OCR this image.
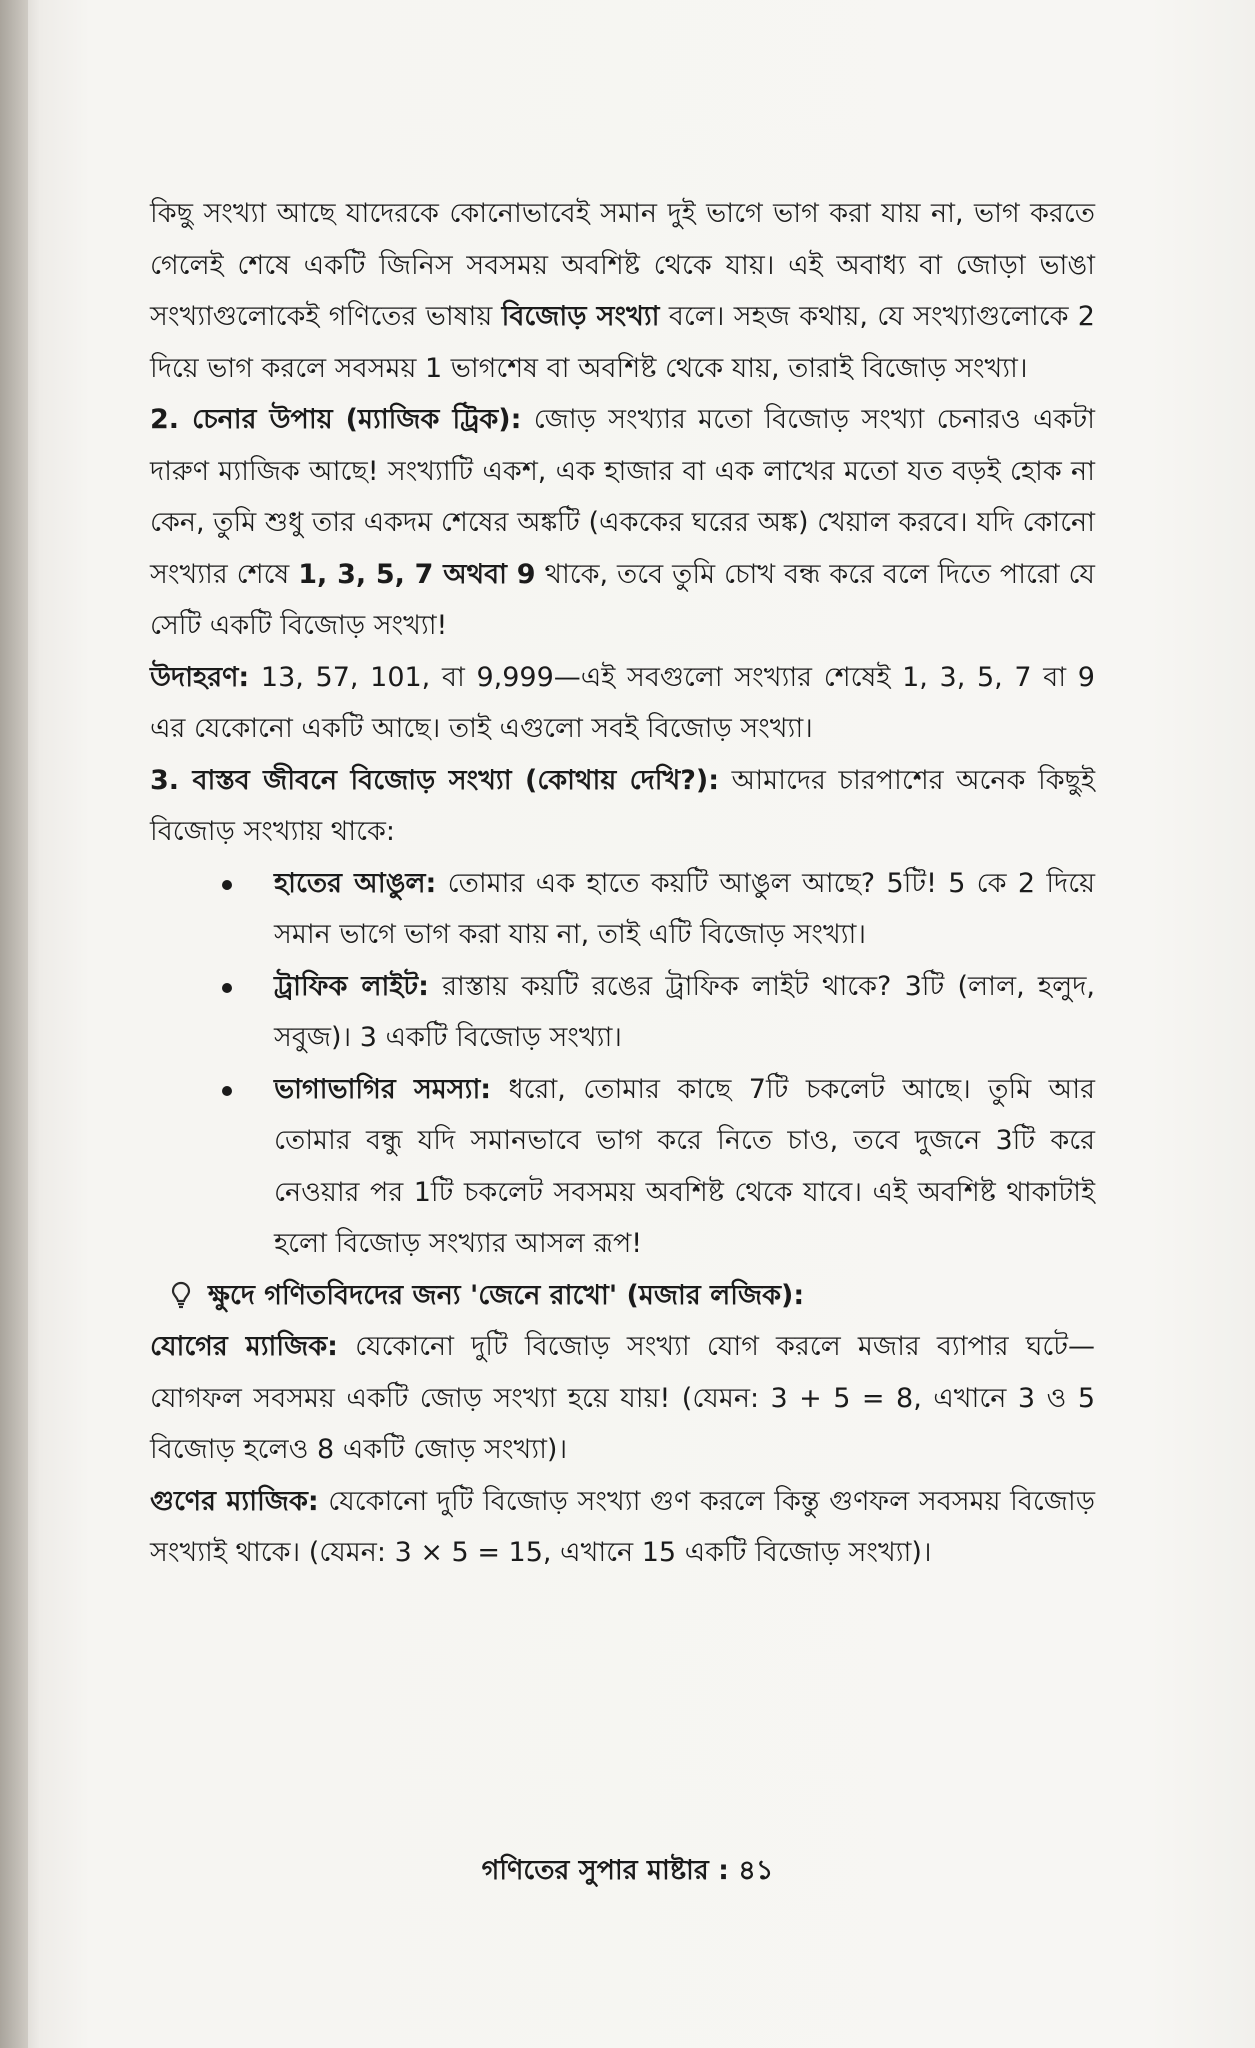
কিছু সংখ্যা আছে যাদেরকে কোনোভাবেই সমান দুই ভাগে ভাগ করা যায় না, ভাগ করতে গেলেই শেষে একটি জিনিস সবসময় অবশিষ্ট থেকে যায়। এই অবাধ্য বা জোড়া ভাঙা সংখ্যাগুলোকেই গণিতের ভাষায় বিজোড় সংখ্যা বলে। সহজ কথায়, যে সংখ্যাগুলোকে 2 দিয়ে ভাগ করলে সবসময় 1 ভাগশেষ বা অবশিষ্ট থেকে যায়, তারাই বিজোড় সংখ্যা।

2. চেনার উপায় (ম্যাজিক ট্রিক): জোড় সংখ্যার মতো বিজোড় সংখ্যা চেনারও একটা দারুণ ম্যাজিক আছে! সংখ্যাটি একশ, এক হাজার বা এক লাখের মতো যত বড়ই হোক না কেন, তুমি শুধু তার একদম শেষের অঙ্কটি (এককের ঘরের অঙ্ক) খেয়াল করবে। যদি কোনো সংখ্যার শেষে 1, 3, 5, 7 অথবা 9 থাকে, তবে তুমি চোখ বন্ধ করে বলে দিতে পারো যে সেটি একটি বিজোড় সংখ্যা!

উদাহরণ: 13, 57, 101, বা 9,999—এই সবগুলো সংখ্যার শেষেই 1, 3, 5, 7 বা 9 এর যেকোনো একটি আছে। তাই এগুলো সবই বিজোড় সংখ্যা।

3. বাস্তব জীবনে বিজোড় সংখ্যা (কোথায় দেখি?): আমাদের চারপাশের অনেক কিছুই বিজোড় সংখ্যায় থাকে:

হাতের আঙুল: তোমার এক হাতে কয়টি আঙুল আছে? 5টি! 5 কে 2 দিয়ে সমান ভাগে ভাগ করা যায় না, তাই এটি বিজোড় সংখ্যা।
ট্রাফিক লাইট: রাস্তায় কয়টি রঙের ট্রাফিক লাইট থাকে? 3টি (লাল, হলুদ, সবুজ)। 3 একটি বিজোড় সংখ্যা।
ভাগাভাগির সমস্যা: ধরো, তোমার কাছে 7টি চকলেট আছে। তুমি আর তোমার বন্ধু যদি সমানভাবে ভাগ করে নিতে চাও, তবে দুজনে 3টি করে নেওয়ার পর 1টি চকলেট সবসময় অবশিষ্ট থেকে যাবে। এই অবশিষ্ট থাকাটাই হলো বিজোড় সংখ্যার আসল রূপ!

ক্ষুদে গণিতবিদদের জন্য 'জেনে রাখো' (মজার লজিক):

যোগের ম্যাজিক: যেকোনো দুটি বিজোড় সংখ্যা যোগ করলে মজার ব্যাপার ঘটে—যোগফল সবসময় একটি জোড় সংখ্যা হয়ে যায়! (যেমন: 3 + 5 = 8, এখানে 3 ও 5 বিজোড় হলেও 8 একটি জোড় সংখ্যা)।

গুণের ম্যাজিক: যেকোনো দুটি বিজোড় সংখ্যা গুণ করলে কিন্তু গুণফল সবসময় বিজোড় সংখ্যাই থাকে। (যেমন: 3 × 5 = 15, এখানে 15 একটি বিজোড় সংখ্যা)।

গণিতের সুপার মাষ্টার : ৪১
